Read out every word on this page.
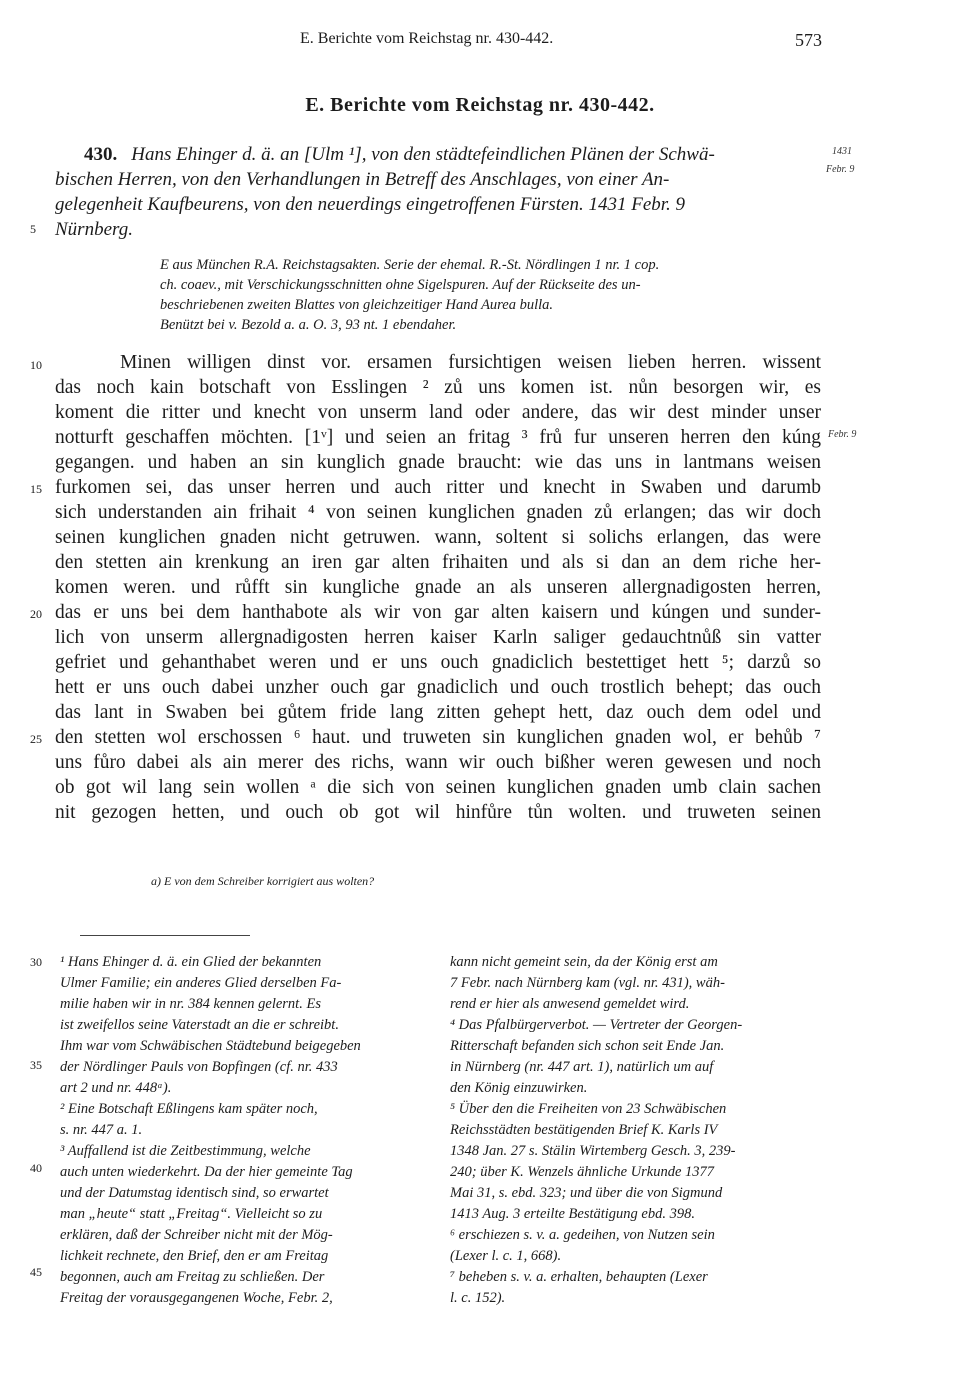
E. Berichte vom Reichstag nr. 430-442.	573
E. Berichte vom Reichstag nr. 430-442.
430. Hans Ehinger d. ä. an [Ulm ¹], von den städtefeindlichen Plänen der Schwä-
bischen Herren, von den Verhandlungen in Betreff des Anschlages, von einer An-
gelegenheit Kaufbeurens, von den neuerdings eingetroffenen Fürsten. 1431 Febr. 9
Nürnberg.
1431
Febr. 9
Febr. 9
5
10
15
20
25
E aus München R.A. Reichstagsakten. Serie der ehemal. R.-St. Nördlingen 1 nr. 1 cop.
ch. coaev., mit Verschickungsschnitten ohne Sigelspuren. Auf der Rückseite des un-
beschriebenen zweiten Blattes von gleichzeitiger Hand Aurea bulla.
Benützt bei v. Bezold a. a. O. 3, 93 nt. 1 ebendaher.
Minen willigen dinst vor. ersamen fursichtigen weisen lieben herren. wissent
das noch kain botschaft von Esslingen ² zů uns komen ist. nůn besorgen wir, es
koment die ritter und knecht von unserm land oder andere, das wir dest minder unser
notturft geschaffen möchten. [1ᵛ] und seien an fritag ³ frů fur unseren herren den kúng
gegangen. und haben an sin kunglich gnade braucht: wie das uns in lantmans weisen
furkomen sei, das unser herren und auch ritter und knecht in Swaben und darumb
sich understanden ain frihait ⁴ von seinen kunglichen gnaden zů erlangen; das wir doch
seinen kunglichen gnaden nicht getruwen. wann, soltent si solichs erlangen, das were
den stetten ain krenkung an iren gar alten frihaiten und als si dan an dem riche her-
komen weren. und růfft sin kungliche gnade an als unseren allergnadigosten herren,
das er uns bei dem hanthabote als wir von gar alten kaisern und kúngen und sunder-
lich von unserm allergnadigosten herren kaiser Karln saliger gedauchtnůß sin vatter
gefriet und gehanthabet weren und er uns ouch gnadiclich bestettiget hett ⁵; darzů so
hett er uns ouch dabei unzher ouch gar gnadiclich und ouch trostlich behept; das ouch
das lant in Swaben bei gůtem fride lang zitten gehept hett, daz ouch dem odel und
den stetten wol erschossen ⁶ haut. und truweten sin kunglichen gnaden wol, er behůb ⁷
uns fůro dabei als ain merer des richs, wann wir ouch bißher weren gewesen und noch
ob got wil lang sein wollen ᵃ die sich von seinen kunglichen gnaden umb clain sachen
nit gezogen hetten, und ouch ob got wil hinfůre tůn wolten. und truweten seinen
a) E von dem Schreiber korrigiert aus wolten?
30
35
40
45
¹ Hans Ehinger d. ä. ein Glied der bekannten
Ulmer Familie; ein anderes Glied derselben Fa-
milie haben wir in nr. 384 kennen gelernt. Es
ist zweifellos seine Vaterstadt an die er schreibt.
Ihm war vom Schwäbischen Städtebund beigegeben
der Nördlinger Pauls von Bopfingen (cf. nr. 433
art 2 und nr. 448ᵃ).
² Eine Botschaft Eßlingens kam später noch,
s. nr. 447 a. 1.
³ Auffallend ist die Zeitbestimmung, welche
auch unten wiederkehrt. Da der hier gemeinte Tag
und der Datumstag identisch sind, so erwartet
man „heute“ statt „Freitag“. Vielleicht so zu
erklären, daß der Schreiber nicht mit der Mög-
lichkeit rechnete, den Brief, den er am Freitag
begonnen, auch am Freitag zu schließen. Der
Freitag der vorausgegangenen Woche, Febr. 2,
kann nicht gemeint sein, da der König erst am
7 Febr. nach Nürnberg kam (vgl. nr. 431), wäh-
rend er hier als anwesend gemeldet wird.
⁴ Das Pfalbürgerverbot. — Vertreter der Georgen-
Ritterschaft befanden sich schon seit Ende Jan.
in Nürnberg (nr. 447 art. 1), natürlich um auf
den König einzuwirken.
⁵ Über den die Freiheiten von 23 Schwäbischen
Reichsstädten bestätigenden Brief K. Karls IV
1348 Jan. 27 s. Stälin Wirtemberg Gesch. 3, 239-
240; über K. Wenzels ähnliche Urkunde 1377
Mai 31, s. ebd. 323; und über die von Sigmund
1413 Aug. 3 erteilte Bestätigung ebd. 398.
⁶ erschiezen s. v. a. gedeihen, von Nutzen sein
(Lexer l. c. 1, 668).
⁷ beheben s. v. a. erhalten, behaupten (Lexer
l. c. 152).
